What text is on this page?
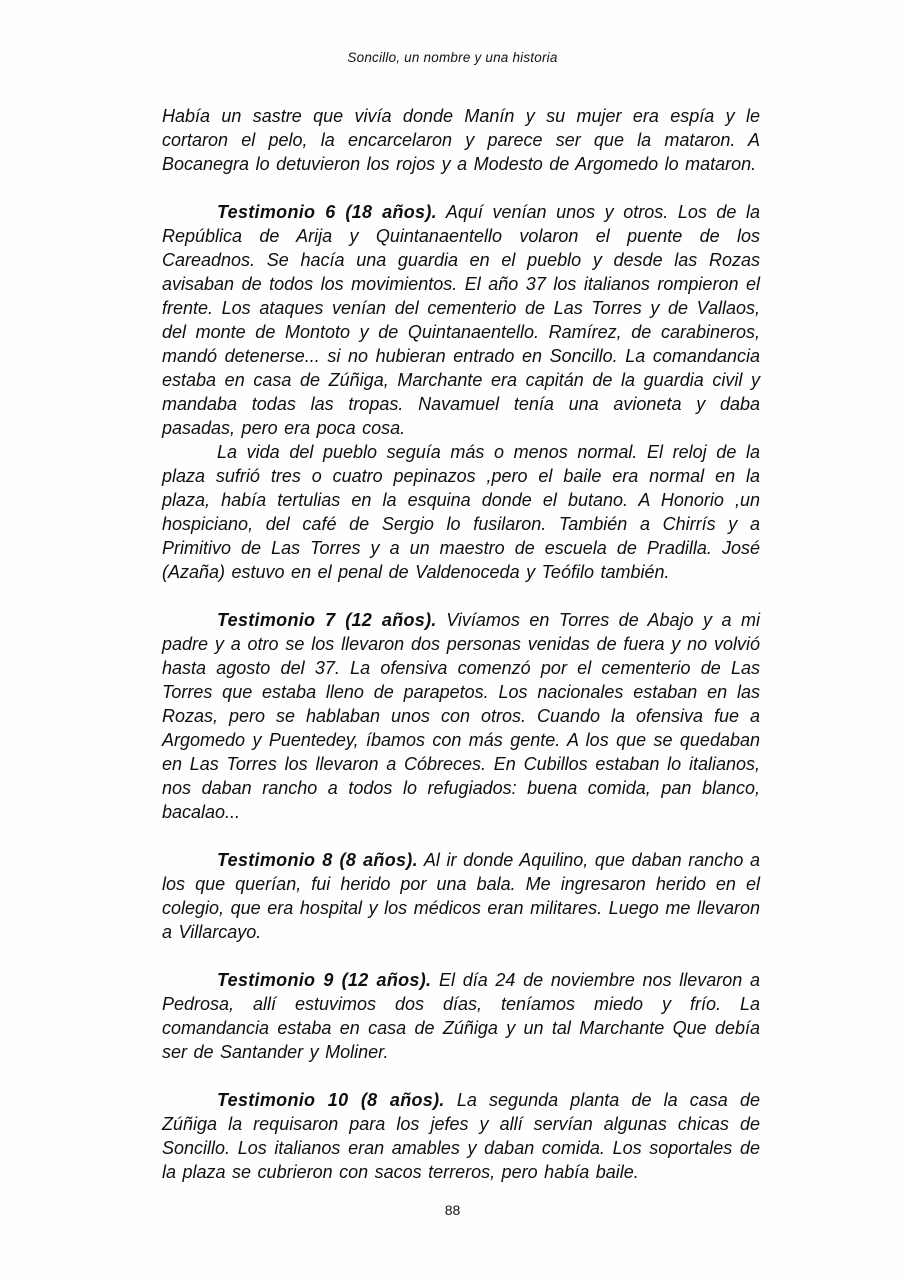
Soncillo, un nombre y una historia

Había un sastre que vivía donde Manín y su mujer era espía y le cortaron el pelo, la encarcelaron y parece ser que la mataron. A Bocanegra lo detuvieron los rojos y a Modesto de Argomedo lo mataron.

Testimonio 6 (18 años). Aquí venían unos y otros. Los de la República de Arija y Quintanaentello volaron el puente de los Careadnos. Se hacía una guardia en el pueblo y desde las Rozas avisaban de todos los movimientos. El año 37 los italianos rompieron el frente. Los ataques venían del cementerio de Las Torres y de Vallaos, del monte de Montoto y de Quintanaentello. Ramírez, de carabineros, mandó detenerse... si no hubieran entrado en Soncillo. La comandancia estaba en casa de Zúñiga, Marchante era capitán de la guardia civil y mandaba todas las tropas. Navamuel tenía una avioneta y daba pasadas, pero era poca cosa.

La vida del pueblo seguía más o menos normal. El reloj de la plaza sufrió tres o cuatro pepinazos ,pero el baile era normal en la plaza, había tertulias en la esquina donde el butano. A Honorio ,un hospiciano, del café de Sergio lo fusilaron. También a Chirrís y a Primitivo de Las Torres y a un maestro de escuela de Pradilla. José (Azaña) estuvo en el penal de Valdenoceda y Teófilo también.

Testimonio 7 (12 años). Vivíamos en Torres de Abajo y a mi padre y a otro se los llevaron dos personas venidas de fuera y no volvió hasta agosto del 37. La ofensiva comenzó por el cementerio de Las Torres que estaba lleno de parapetos. Los nacionales estaban en las Rozas, pero se hablaban unos con otros. Cuando la ofensiva fue a Argomedo y Puentedey, íbamos con más gente. A los que se quedaban en Las Torres los llevaron a Cóbreces. En Cubillos estaban lo italianos, nos daban rancho a todos lo refugiados: buena comida, pan blanco, bacalao...

Testimonio 8 (8 años). Al ir donde Aquilino, que daban rancho a los que querían, fui herido por una bala. Me ingresaron herido en el colegio, que era hospital y los médicos eran militares. Luego me llevaron a Villarcayo.

Testimonio 9 (12 años). El día 24 de noviembre nos llevaron a Pedrosa, allí estuvimos dos días, teníamos miedo y frío. La comandancia estaba en casa de Zúñiga y un tal Marchante Que debía ser de Santander y Moliner.

Testimonio 10 (8 años). La segunda planta de la casa de Zúñiga la requisaron para los jefes y allí servían algunas chicas de Soncillo. Los italianos eran amables y daban comida. Los soportales de la plaza se cubrieron con sacos terreros, pero había baile.

88
